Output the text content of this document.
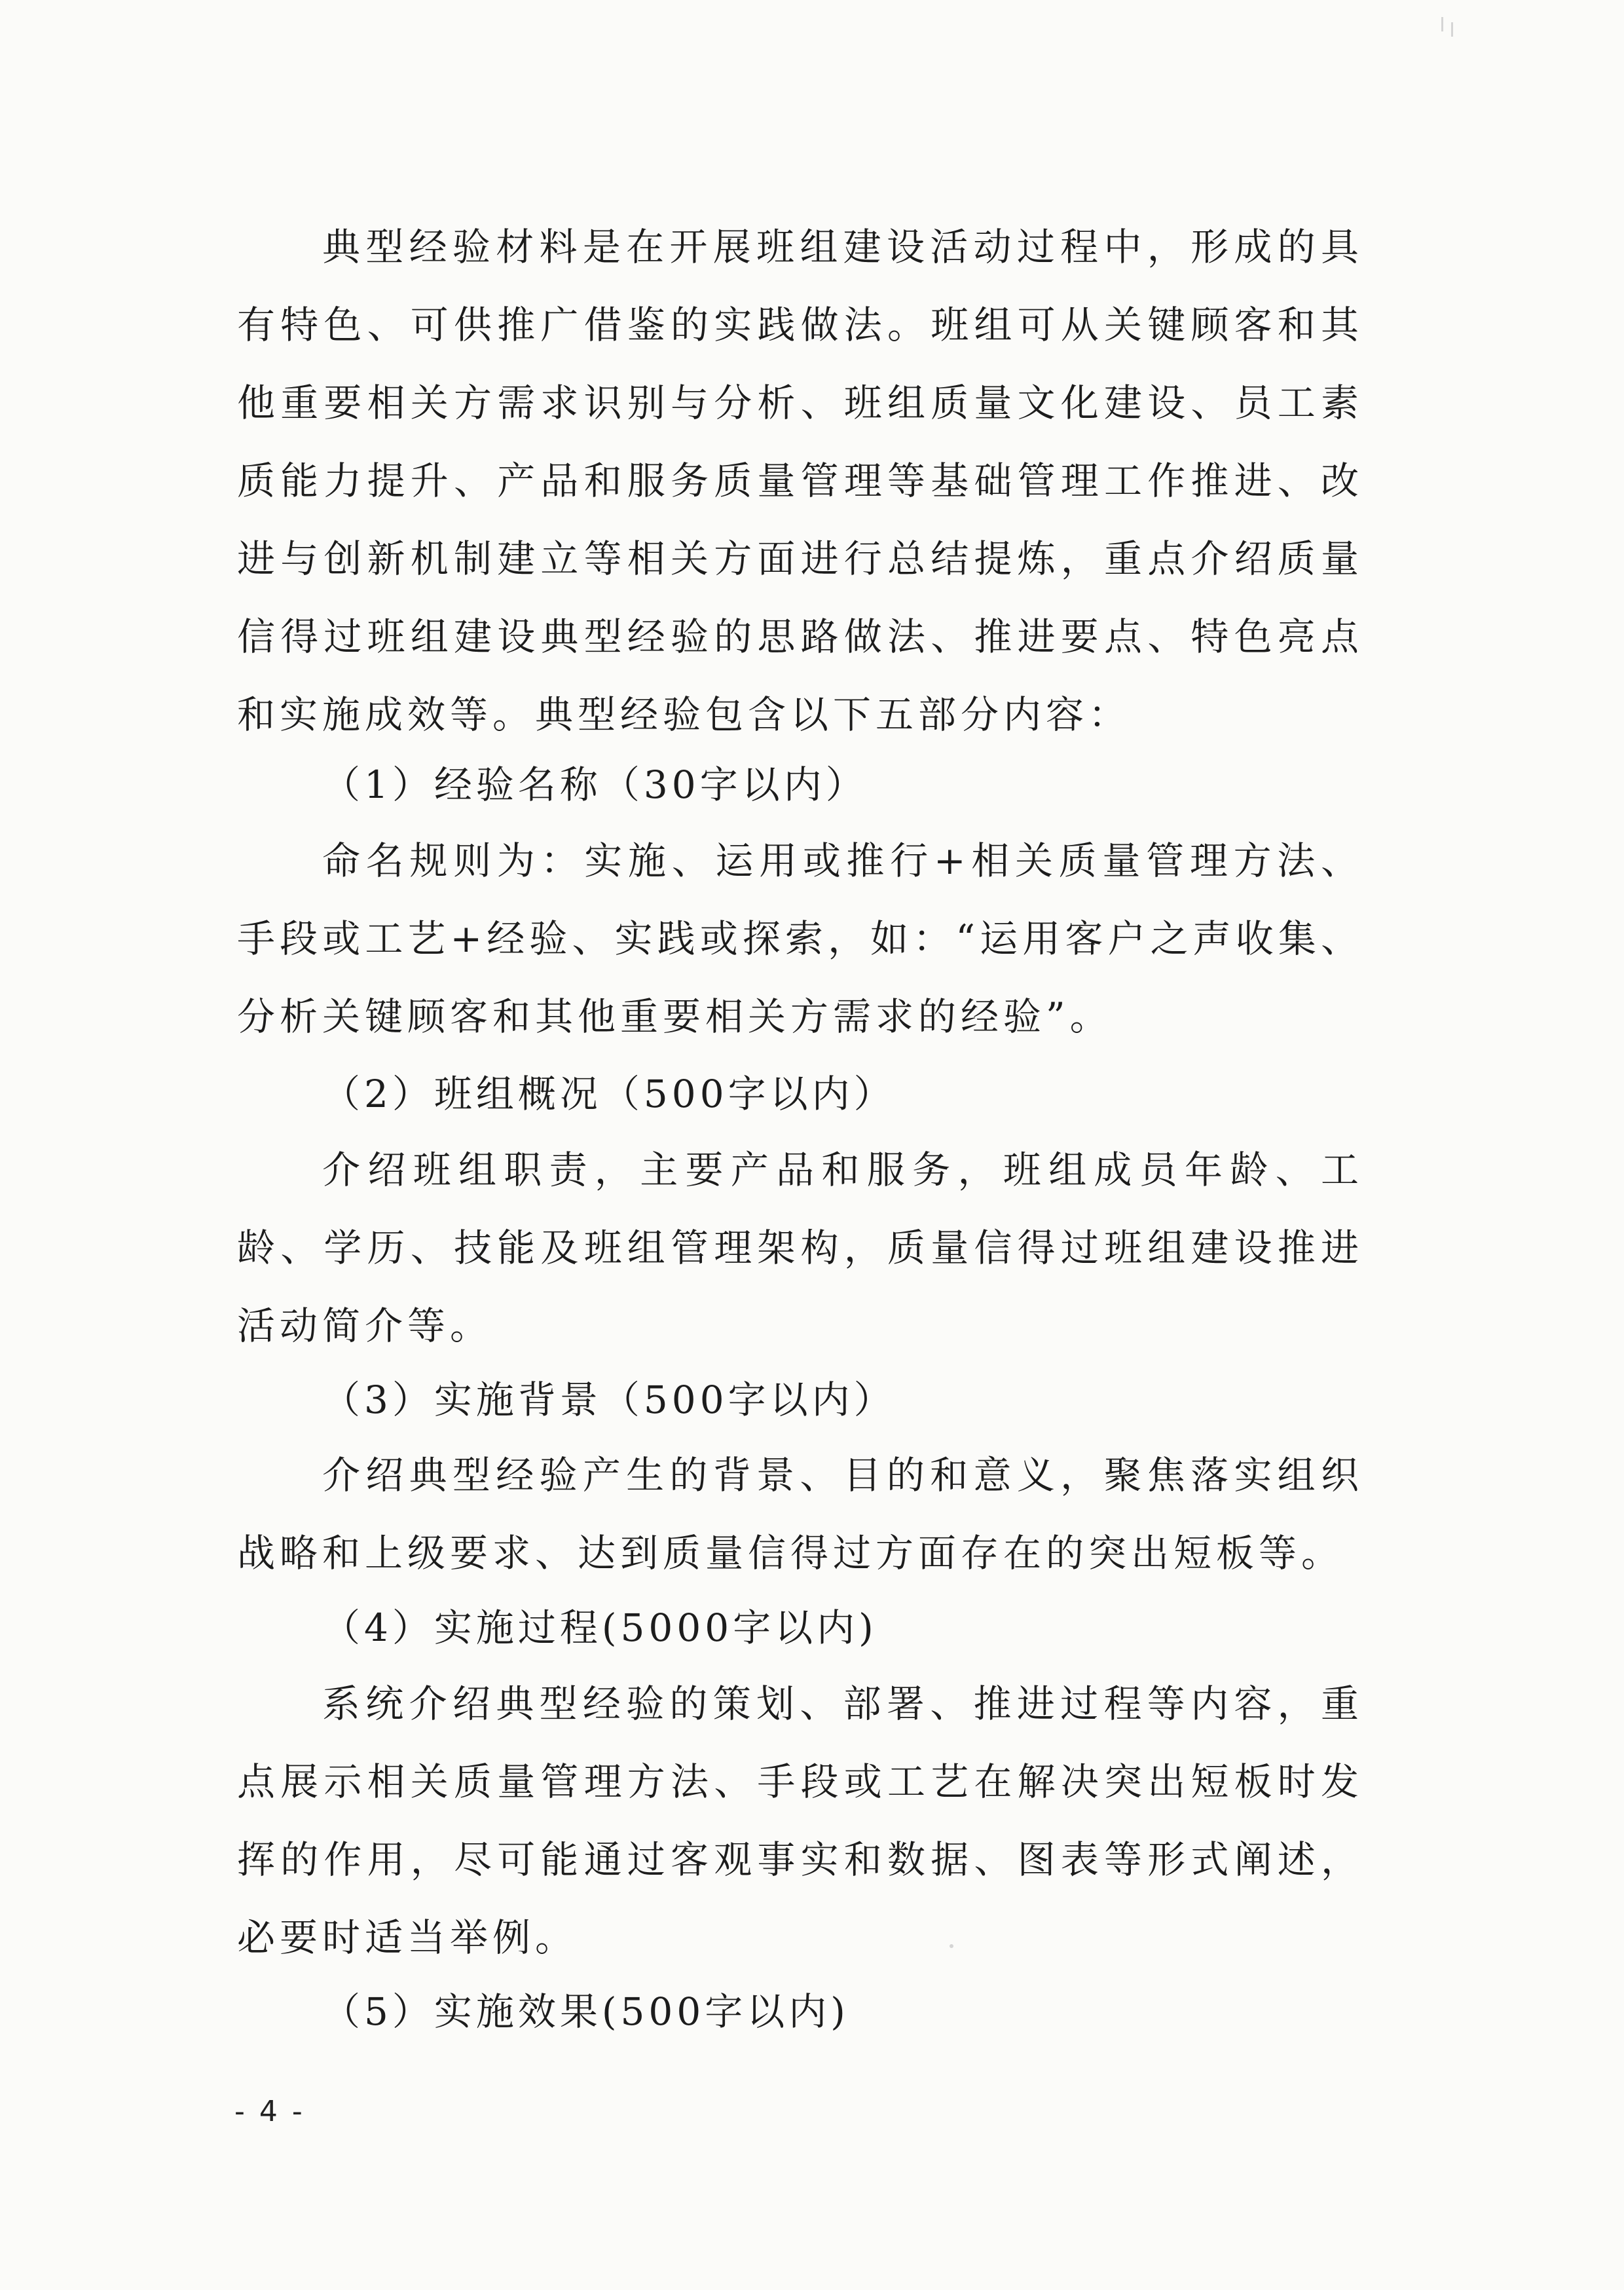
典型经验材料是在开展班组建设活动过程中，形成的具有特色、可供推广借鉴的实践做法。班组可从关键顾客和其他重要相关方需求识别与分析、班组质量文化建设、员工素质能力提升、产品和服务质量管理等基础管理工作推进、改进与创新机制建立等相关方面进行总结提炼，重点介绍质量信得过班组建设典型经验的思路做法、推进要点、特色亮点和实施成效等。典型经验包含以下五部分内容：

（1）经验名称（30字以内）

命名规则为：实施、运用或推行+相关质量管理方法、手段或工艺+经验、实践或探索，如：“运用客户之声收集、分析关键顾客和其他重要相关方需求的经验”。

（2）班组概况（500字以内）

介绍班组职责，主要产品和服务，班组成员年龄、工龄、学历、技能及班组管理架构，质量信得过班组建设推进活动简介等。

（3）实施背景（500字以内）

介绍典型经验产生的背景、目的和意义，聚焦落实组织战略和上级要求、达到质量信得过方面存在的突出短板等。

（4）实施过程(5000字以内)

系统介绍典型经验的策划、部署、推进过程等内容，重点展示相关质量管理方法、手段或工艺在解决突出短板时发挥的作用，尽可能通过客观事实和数据、图表等形式阐述，必要时适当举例。

（5）实施效果(500字以内)

- 4 -
